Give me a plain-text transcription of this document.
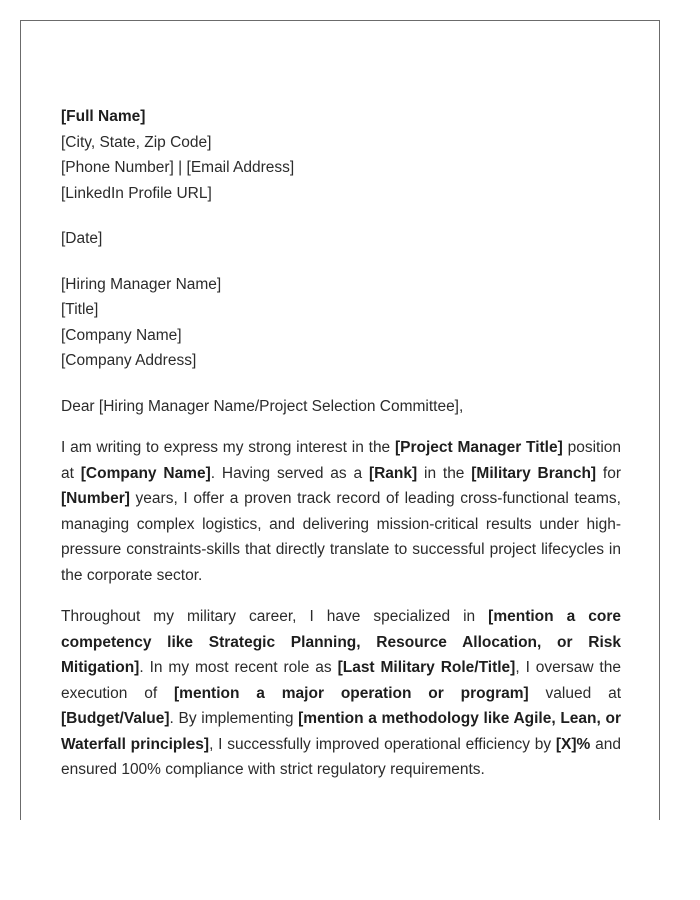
[Full Name]
[City, State, Zip Code]
[Phone Number] | [Email Address]
[LinkedIn Profile URL]
[Date]
[Hiring Manager Name]
[Title]
[Company Name]
[Company Address]
Dear [Hiring Manager Name/Project Selection Committee],

I am writing to express my strong interest in the [Project Manager Title] position at [Company Name]. Having served as a [Rank] in the [Military Branch] for [Number] years, I offer a proven track record of leading cross-functional teams, managing complex logistics, and delivering mission-critical results under high-pressure constraints-skills that directly translate to successful project lifecycles in the corporate sector.

Throughout my military career, I have specialized in [mention a core competency like Strategic Planning, Resource Allocation, or Risk Mitigation]. In my most recent role as [Last Military Role/Title], I oversaw the execution of [mention a major operation or program] valued at [Budget/Value]. By implementing [mention a methodology like Agile, Lean, or Waterfall principles], I successfully improved operational efficiency by [X]% and ensured 100% compliance with strict regulatory requirements.
